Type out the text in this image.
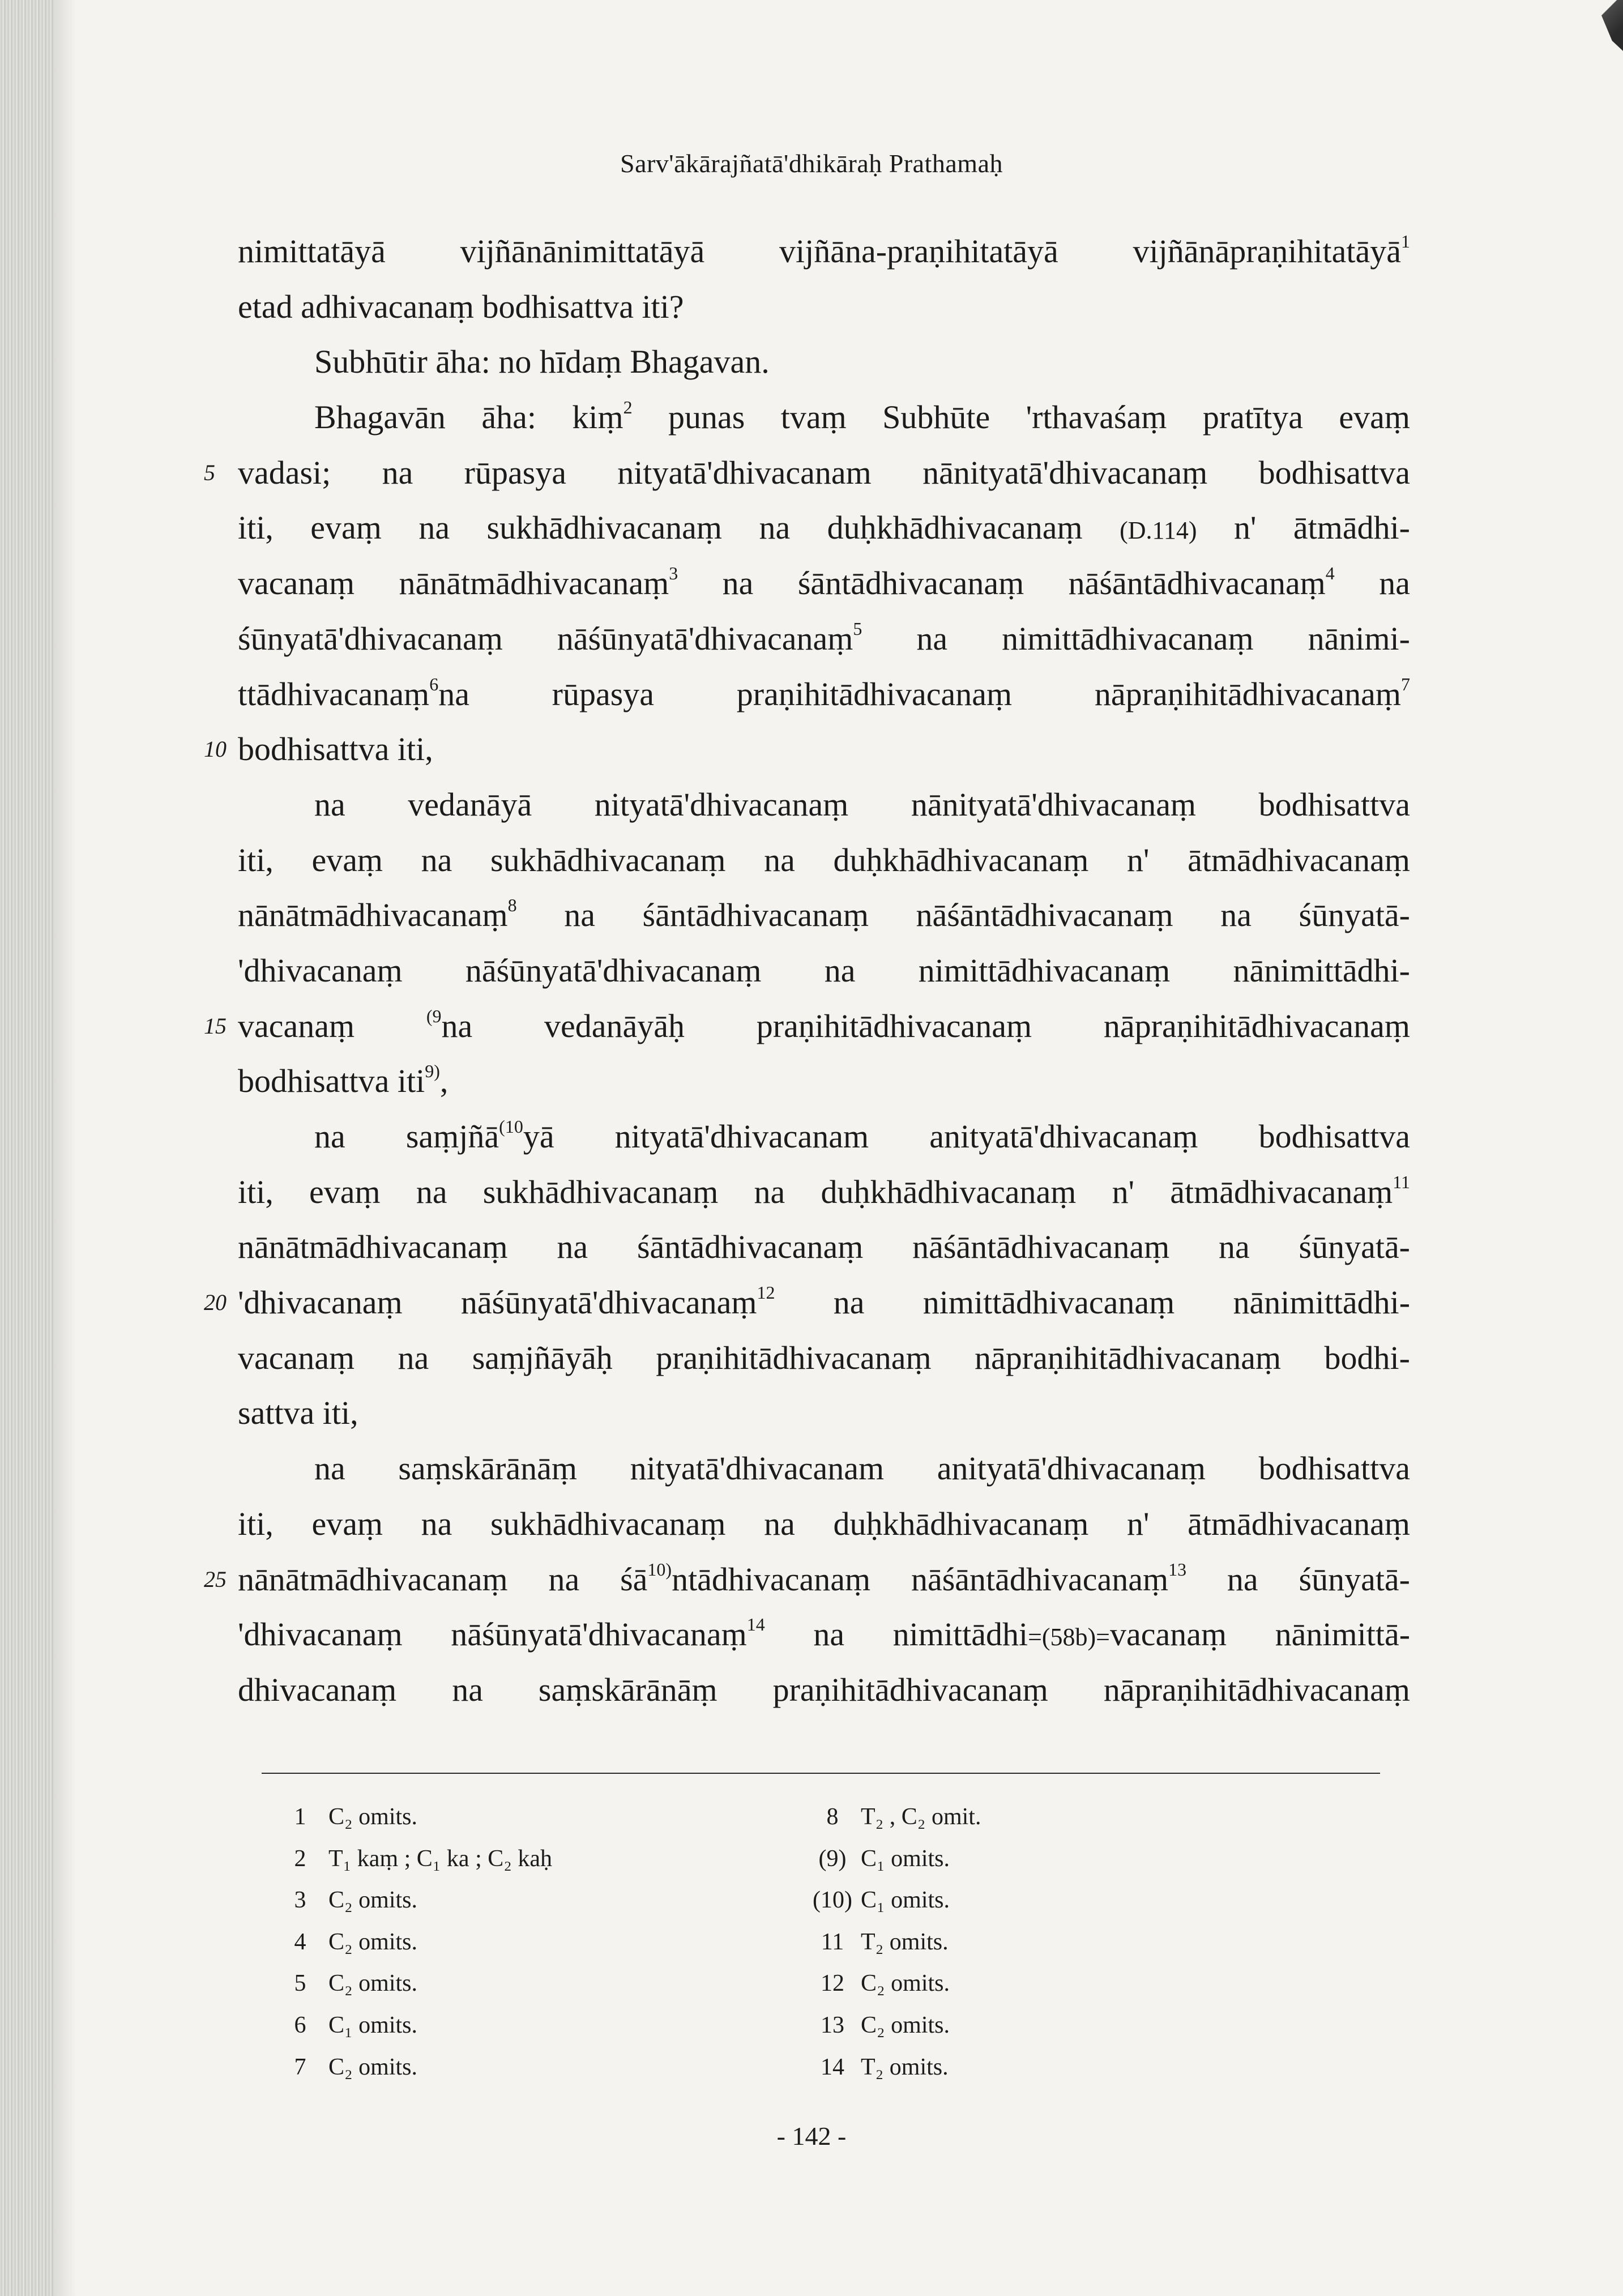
Sarv'ākārajñatā'dhikāraḥ Prathamaḥ
nimittatāyā vijñānānimittatāyā vijñāna-praṇihitatāyā vijñānāpraṇihitatāyā$^1$
etad adhivacanaṃ bodhisattva iti?
Subhūtir āha: no hīdaṃ Bhagavan.
Bhagavān āha: kiṃ$^2$ punas tvaṃ Subhūte 'rthavaśaṃ pratītya evaṃ
5 vadasi; na rūpasya nityatā'dhivacanam nānityatā'dhivacanaṃ bodhisattva
iti, evaṃ na sukhādhivacanaṃ na duḥkhādhivacanaṃ (D.114) n' ātmādhi-
vacanaṃ nānātmādhivacanaṃ$^3$ na śāntādhivacanaṃ nāśāntādhivacanaṃ$^4$ na
śūnyatā'dhivacanaṃ nāśūnyatā'dhivacanaṃ$^5$ na nimittādhivacanaṃ nānimi-
ttādhivacanaṃ$^6$na rūpasya praṇihitādhivacanaṃ nāpraṇihitādhivacanaṃ$^7$
10 bodhisattva iti,
na vedanāyā nityatā'dhivacanaṃ nānityatā'dhivacanaṃ bodhisattva
iti, evaṃ na sukhādhivacanaṃ na duḥkhādhivacanaṃ n' ātmādhivacanaṃ
nānātmādhivacanaṃ$^8$ na śāntādhivacanaṃ nāśāntādhivacanaṃ na śūnyatā-
'dhivacanaṃ nāśūnyatā'dhivacanaṃ na nimittādhivacanaṃ nānimittādhi-
15 vacanaṃ $^{(9}$na vedanāyāḥ praṇihitādhivacanaṃ nāpraṇihitādhivacanaṃ
bodhisattva iti$^{9)}$,
na saṃjñā$^{(10}$yā nityatā'dhivacanam anityatā'dhivacanaṃ bodhisattva
iti, evaṃ na sukhādhivacanaṃ na duḥkhādhivacanaṃ n' ātmādhivacanaṃ$^{11}$
nānātmādhivacanaṃ na śāntādhivacanaṃ nāśāntādhivacanaṃ na śūnyatā-
20 'dhivacanaṃ nāśūnyatā'dhivacanaṃ$^{12}$ na nimittādhivacanaṃ nānimittādhi-
vacanaṃ na saṃjñāyāḥ praṇihitādhivacanaṃ nāpraṇihitādhivacanaṃ bodhi-
sattva iti,
na saṃskārānāṃ nityatā'dhivacanam anityatā'dhivacanaṃ bodhisattva
iti, evaṃ na sukhādhivacanaṃ na duḥkhādhivacanaṃ n' ātmādhivacanaṃ
25 nānātmādhivacanaṃ na $śā^{10)}ntādhivacanaṃ$ nāśāntādhivacanaṃ$^{13}$ na śūnyatā-
'dhivacanaṃ nāśūnyatā'dhivacanaṃ$^{14}$ na nimittādhi=(58b)=vacanaṃ nānimittā-
dhivacanaṃ na saṃskārānāṃ praṇihitādhivacanaṃ nāpraṇihitādhivacanaṃ
1 C₂ omits.
2 T₁ kaṃ ; C₁ ka ; C₂ kaḥ
3 C₂ omits.
4 C₂ omits.
5 C₂ omits.
6 C₁ omits.
7 C₂ omits.
8 T₂ , C₂ omit.
(9) C₁ omits.
(10) C₁ omits.
11 T₂ omits.
12 C₂ omits.
13 C₂ omits.
14 T₂ omits.
- 142 -
